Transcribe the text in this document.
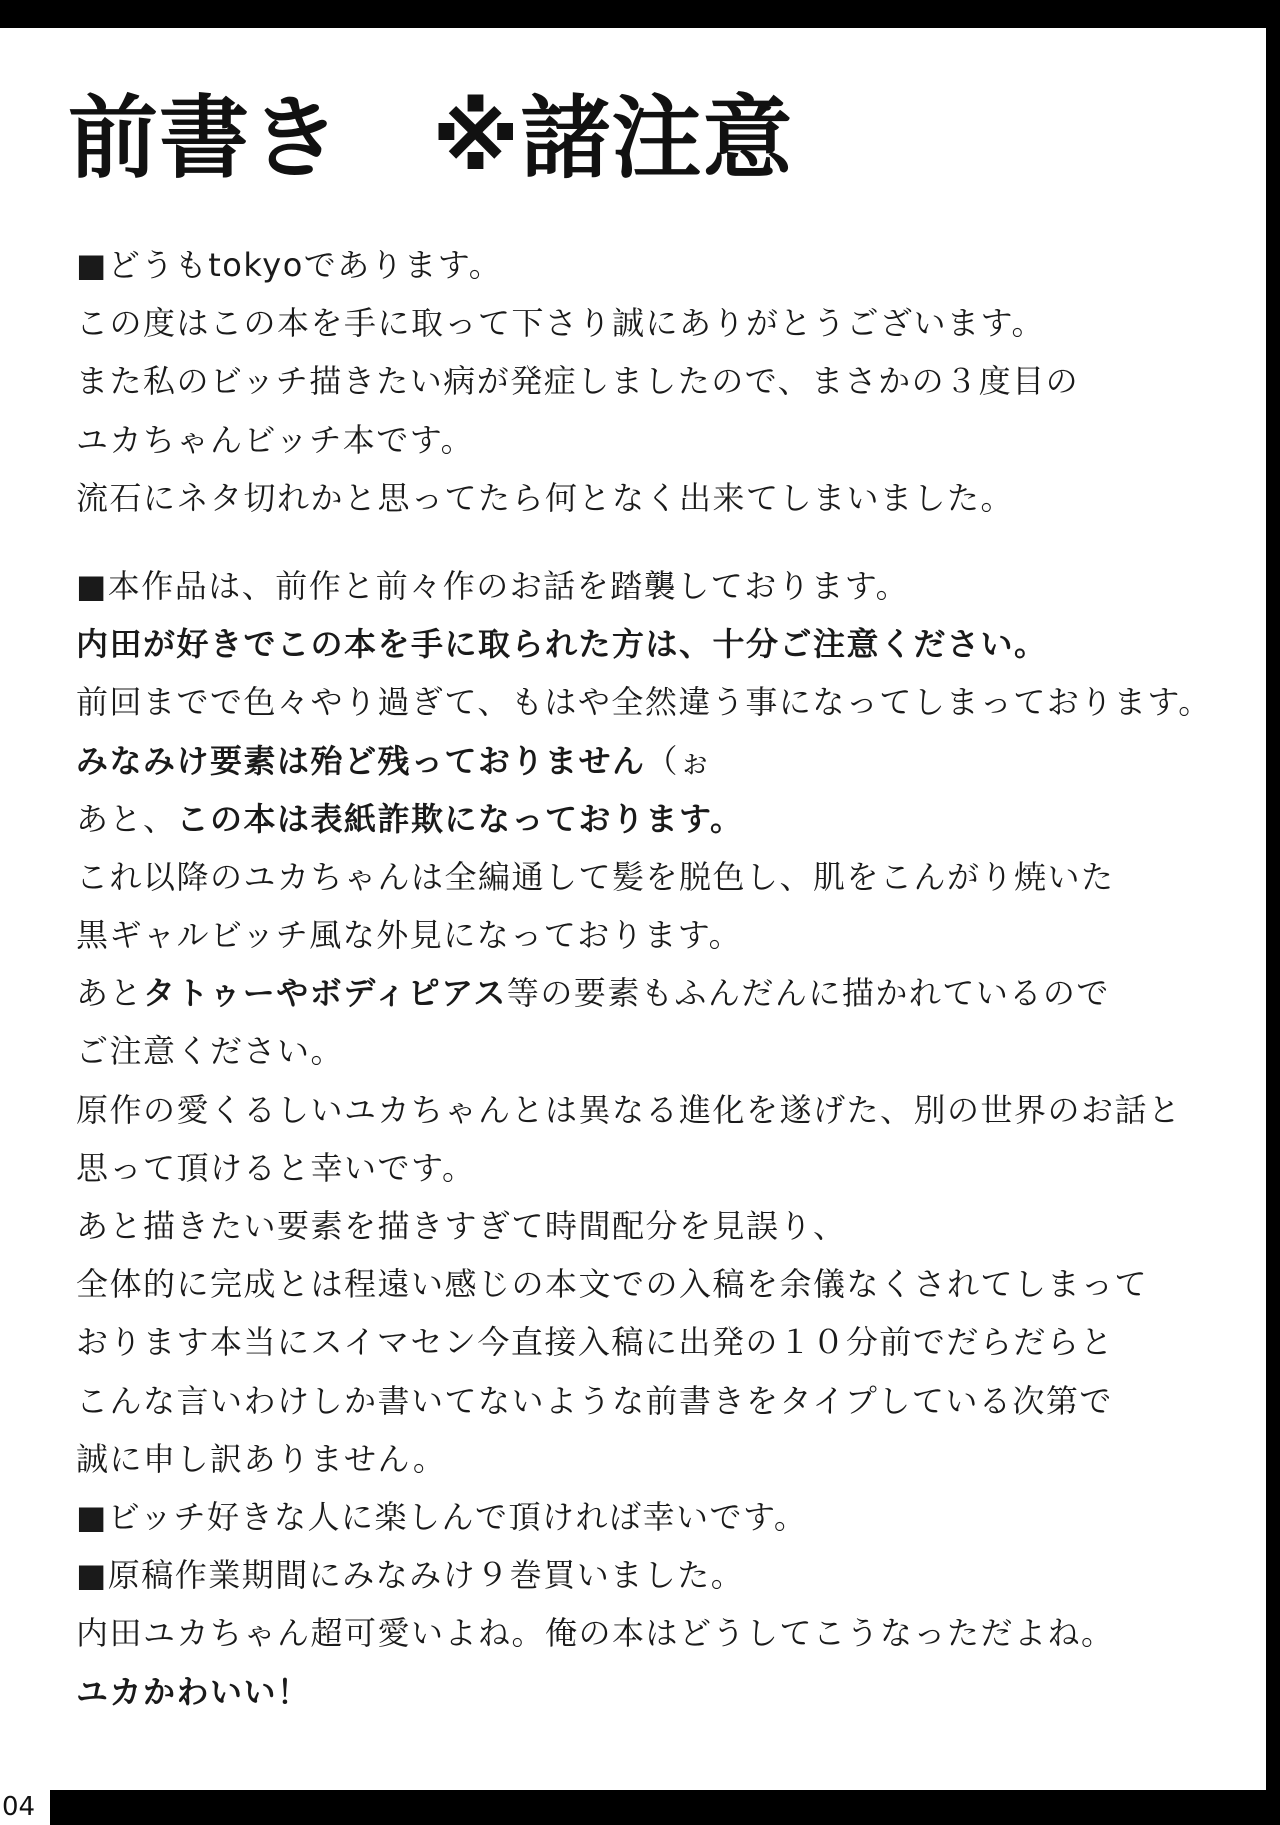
前書き　※諸注意
■どうもtokyoであります。
この度はこの本を手に取って下さり誠にありがとうございます。
また私のビッチ描きたい病が発症しましたので、まさかの３度目の
ユカちゃんビッチ本です。
流石にネタ切れかと思ってたら何となく出来てしまいました。
■本作品は、前作と前々作のお話を踏襲しております。
内田が好きでこの本を手に取られた方は、十分ご注意ください。
前回までで色々やり過ぎて、もはや全然違う事になってしまっております。
みなみけ要素は殆ど残っておりません（ぉ
あと、この本は表紙詐欺になっております。
これ以降のユカちゃんは全編通して髪を脱色し、肌をこんがり焼いた
黒ギャルビッチ風な外見になっております。
あとタトゥーやボディピアス等の要素もふんだんに描かれているので
ご注意ください。
原作の愛くるしいユカちゃんとは異なる進化を遂げた、別の世界のお話と
思って頂けると幸いです。
あと描きたい要素を描きすぎて時間配分を見誤り、
全体的に完成とは程遠い感じの本文での入稿を余儀なくされてしまって
おります本当にスイマセン今直接入稿に出発の１０分前でだらだらと
こんな言いわけしか書いてないような前書きをタイプしている次第で
誠に申し訳ありません。
■ビッチ好きな人に楽しんで頂ければ幸いです。
■原稿作業期間にみなみけ９巻買いました。
内田ユカちゃん超可愛いよね。俺の本はどうしてこうなっただよね。
ユカかわいい！
04
